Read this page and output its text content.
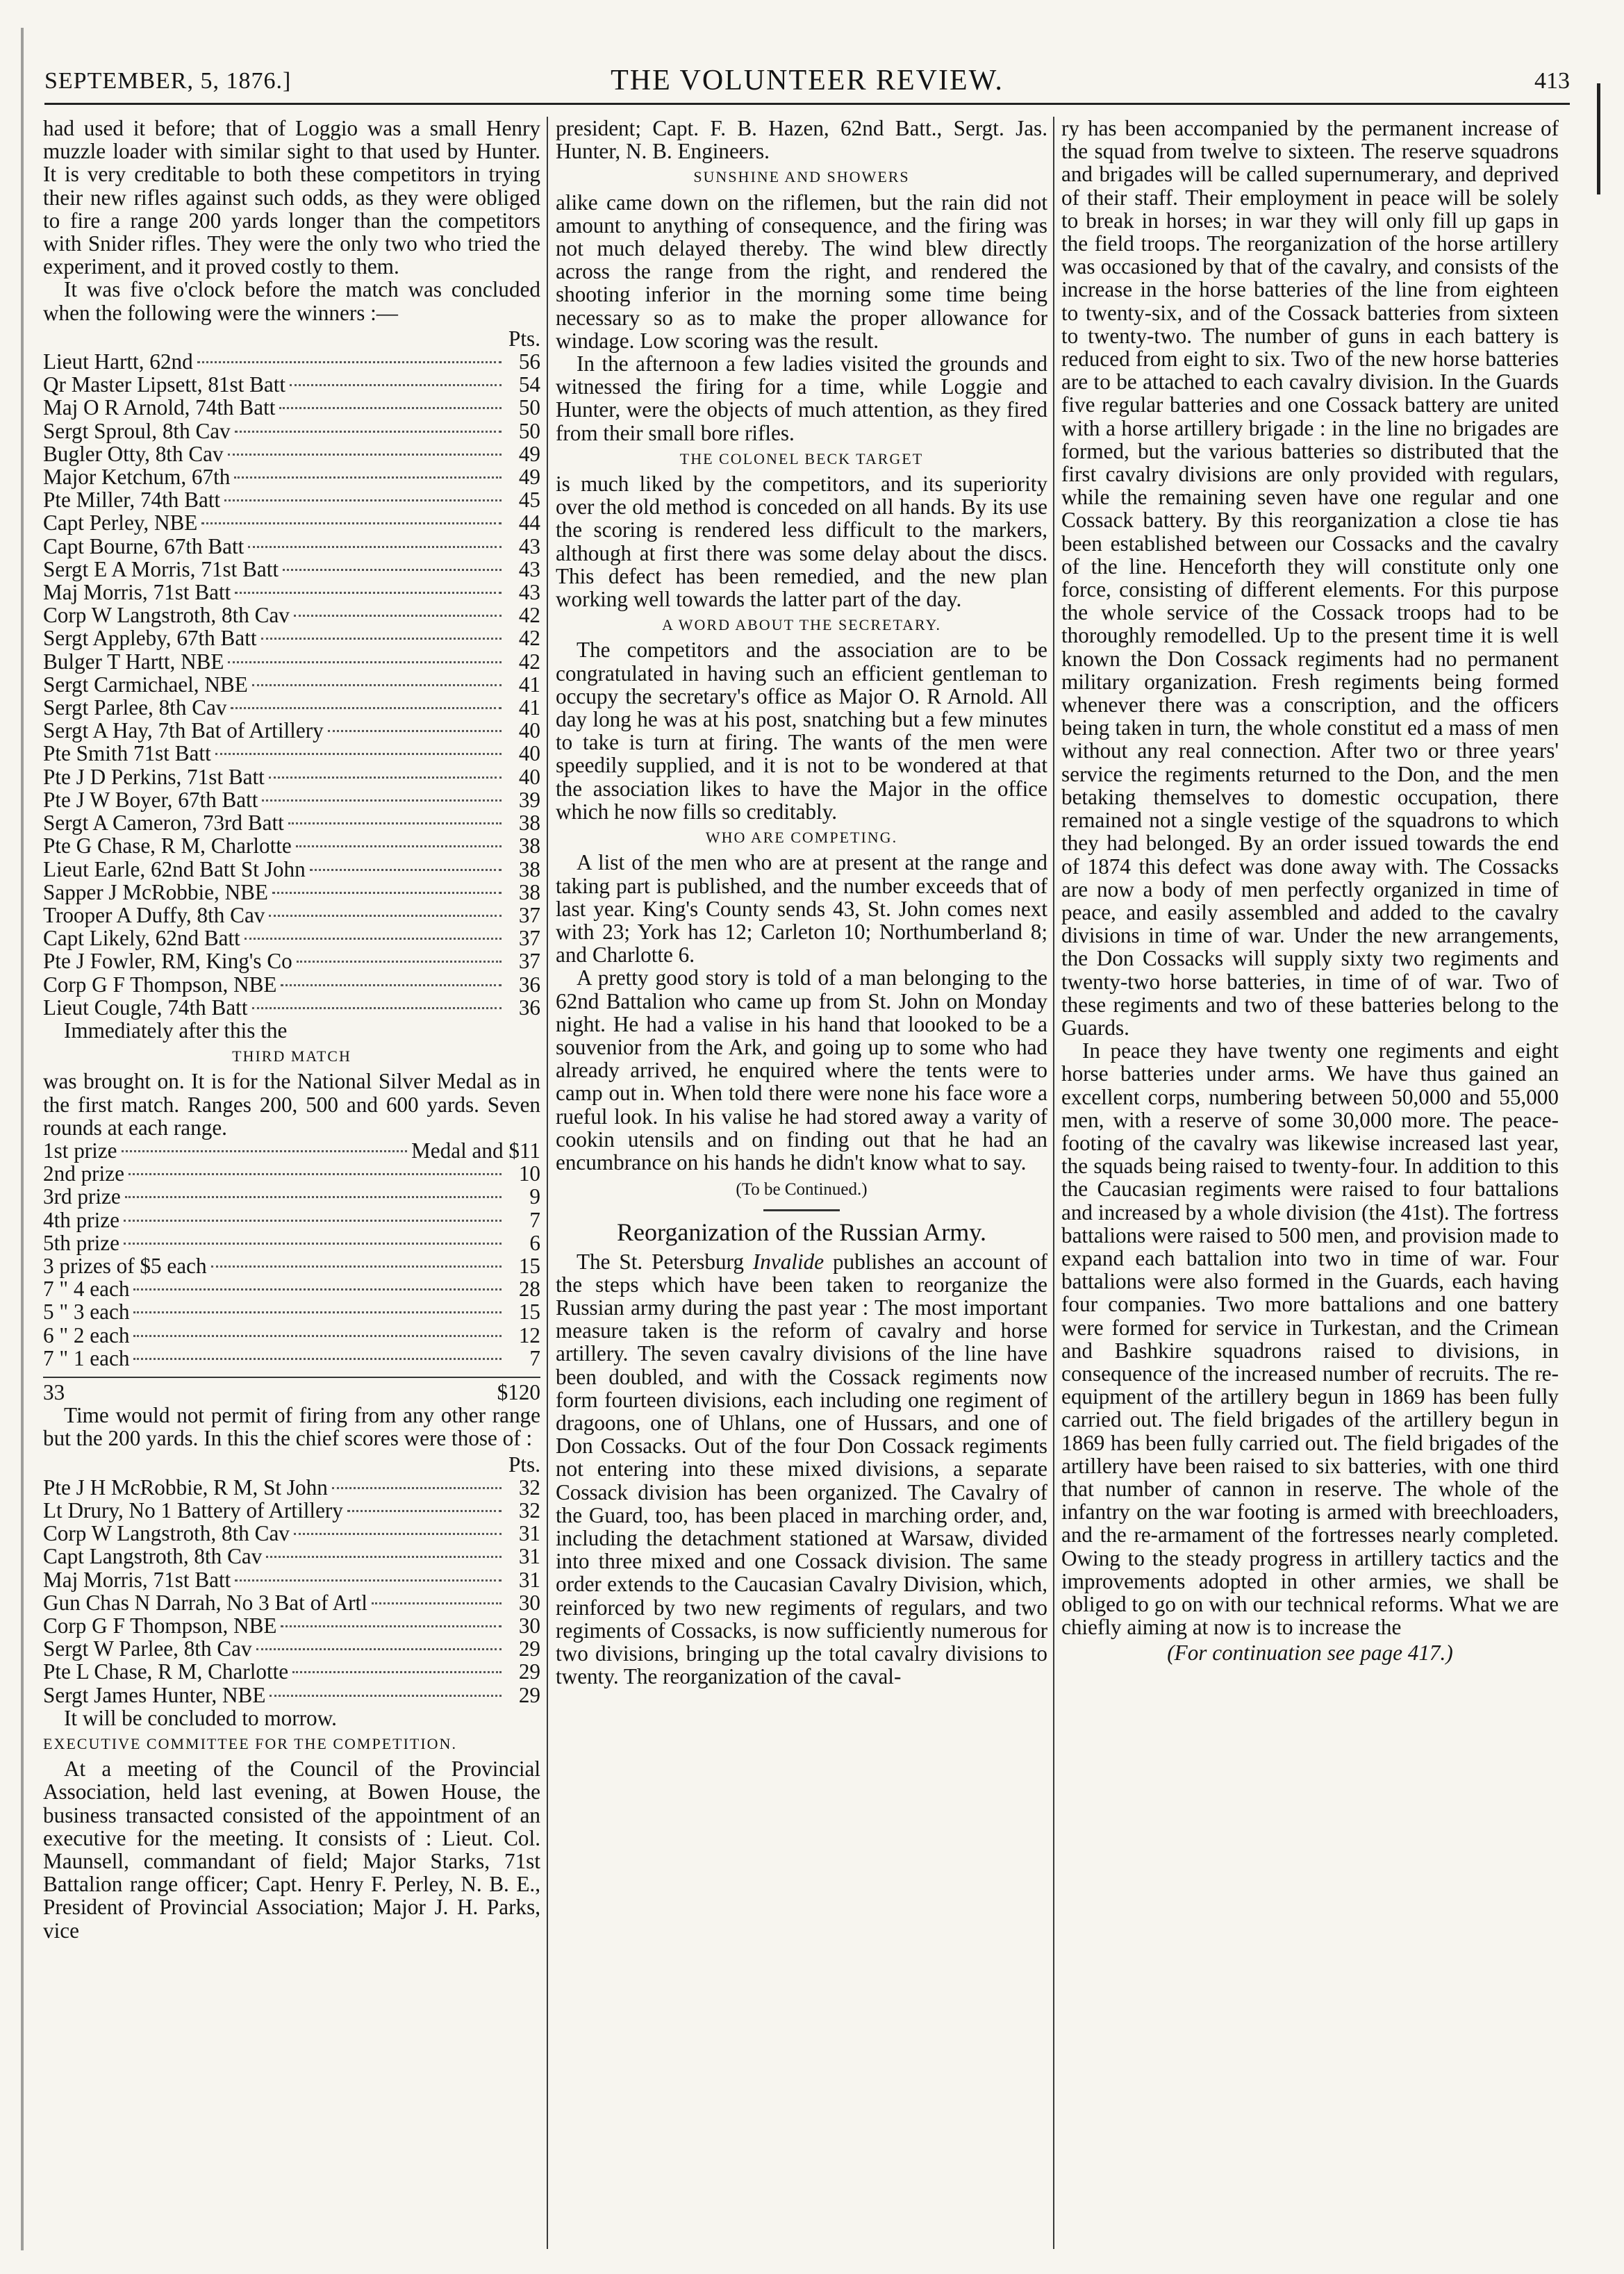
SEPTEMBER, 5, 1876.]	THE VOLUNTEER REVIEW.	413

had used it before; that of Loggio was a small Henry muzzle loader with similar sight to that used by Hunter. It is very creditable to both these competitors in trying their new rifles against such odds, as they were obliged to fire a range 200 yards longer than the competitors with Snider rifles. They were the only two who tried the experiment, and it proved costly to them.

It was five o'clock before the match was concluded when the following were the winners :—

Pts.
Lieut Hartt, 62nd	56
Qr Master Lipsett, 81st Batt	54
Maj O R Arnold, 74th Batt	50
Sergt Sproul, 8th Cav	50
Bugler Otty, 8th Cav	49
Major Ketchum, 67th	49
Pte Miller, 74th Batt	45
Capt Perley, NBE	44
Capt Bourne, 67th Batt	43
Sergt E A Morris, 71st Batt	43
Maj Morris, 71st Batt	43
Corp W Langstroth, 8th Cav	42
Sergt Appleby, 67th Batt	42
Bulger T Hartt, NBE	42
Sergt Carmichael, NBE	41
Sergt Parlee, 8th Cav	41
Sergt A Hay, 7th Bat of Artillery	40
Pte Smith 71st Batt	40
Pte J D Perkins, 71st Batt	40
Pte J W Boyer, 67th Batt	39
Sergt A Cameron, 73rd Batt	38
Pte G Chase, R M, Charlotte	38
Lieut Earle, 62nd Batt St John	38
Sapper J McRobbie, NBE	38
Trooper A Duffy, 8th Cav	37
Capt Likely, 62nd Batt	37
Pte J Fowler, RM, King's Co	37
Corp G F Thompson, NBE	36
Lieut Cougle, 74th Batt	36

Immediately after this the

THIRD MATCH

was brought on. It is for the National Silver Medal as in the first match. Ranges 200, 500 and 600 yards. Seven rounds at each range.

1st prize	Medal and $11
2nd prize	10
3rd prize	9
4th prize	7
5th prize	6
3 prizes of $5 each	15
7 " 4 each	28
5 " 3 each	15
6 " 2 each	12
7 " 1 each	7
33	$120

Time would not permit of firing from any other range but the 200 yards. In this the chief scores were those of :

Pts.
Pte J H McRobbie, R M, St John	32
Lt Drury, No 1 Battery of Artillery	32
Corp W Langstroth, 8th Cav	31
Capt Langstroth, 8th Cav	31
Maj Morris, 71st Batt	31
Gun Chas N Darrah, No 3 Bat of Artl	30
Corp G F Thompson, NBE	30
Sergt W Parlee, 8th Cav	29
Pte L Chase, R M, Charlotte	29
Sergt James Hunter, NBE	29

It will be concluded to morrow.

EXECUTIVE COMMITTEE FOR THE COMPETITION.

At a meeting of the Council of the Provincial Association, held last evening, at Bowen House, the business transacted consisted of the appointment of an executive for the meeting. It consists of : Lieut. Col. Maunsell, commandant of field; Major Starks, 71st Battalion range officer; Capt. Henry F. Perley, N. B. E., President of Provincial Association; Major J. H. Parks, vice

president; Capt. F. B. Hazen, 62nd Batt., Sergt. Jas. Hunter, N. B. Engineers.

SUNSHINE AND SHOWERS

alike came down on the riflemen, but the rain did not amount to anything of consequence, and the firing was not much delayed thereby. The wind blew directly across the range from the right, and rendered the shooting inferior in the morning some time being necessary so as to make the proper allowance for windage. Low scoring was the result.

In the afternoon a few ladies visited the grounds and witnessed the firing for a time, while Loggie and Hunter, were the objects of much attention, as they fired from their small bore rifles.

THE COLONEL BECK TARGET

is much liked by the competitors, and its superiority over the old method is conceded on all hands. By its use the scoring is rendered less difficult to the markers, although at first there was some delay about the discs. This defect has been remedied, and the new plan working well towards the latter part of the day.

A WORD ABOUT THE SECRETARY.

The competitors and the association are to be congratulated in having such an efficient gentleman to occupy the secretary's office as Major O. R Arnold. All day long he was at his post, snatching but a few minutes to take is turn at firing. The wants of the men were speedily supplied, and it is not to be wondered at that the association likes to have the Major in the office which he now fills so creditably.

WHO ARE COMPETING.

A list of the men who are at present at the range and taking part is published, and the number exceeds that of last year. King's County sends 43, St. John comes next with 23; York has 12; Carleton 10; Northumberland 8; and Charlotte 6.

A pretty good story is told of a man belonging to the 62nd Battalion who came up from St. John on Monday night. He had a valise in his hand that loooked to be a souvenior from the Ark, and going up to some who had already arrived, he enquired where the tents were to camp out in. When told there were none his face wore a rueful look. In his valise he had stored away a varity of cookin utensils and on finding out that he had an encumbrance on his hands he didn't know what to say.

(To be Continued.)
Reorganization of the Russian Army.

The St. Petersburg Invalide publishes an account of the steps which have been taken to reorganize the Russian army during the past year : The most important measure taken is the reform of cavalry and horse artillery. The seven cavalry divisions of the line have been doubled, and with the Cossack regiments now form fourteen divisions, each including one regiment of dragoons, one of Uhlans, one of Hussars, and one of Don Cossacks. Out of the four Don Cossack regiments not entering into these mixed divisions, a separate Cossack division has been organized. The Cavalry of the Guard, too, has been placed in marching order, and, including the detachment stationed at Warsaw, divided into three mixed and one Cossack division. The same order extends to the Caucasian Cavalry Division, which, reinforced by two new regiments of regulars, and two regiments of Cossacks, is now sufficiently numerous for two divisions, bringing up the total cavalry divisions to twenty. The reorganization of the caval-

ry has been accompanied by the permanent increase of the squad from twelve to sixteen. The reserve squadrons and brigades will be called supernumerary, and deprived of their staff. Their employment in peace will be solely to break in horses; in war they will only fill up gaps in the field troops. The reorganization of the horse artillery was occasioned by that of the cavalry, and consists of the increase in the horse batteries of the line from eighteen to twenty-six, and of the Cossack batteries from sixteen to twenty-two. The number of guns in each battery is reduced from eight to six. Two of the new horse batteries are to be attached to each cavalry division. In the Guards five regular batteries and one Cossack battery are united with a horse artillery brigade : in the line no brigades are formed, but the various batteries so distributed that the first cavalry divisions are only provided with regulars, while the remaining seven have one regular and one Cossack battery. By this reorganization a close tie has been established between our Cossacks and the cavalry of the line. Henceforth they will constitute only one force, consisting of different elements. For this purpose the whole service of the Cossack troops had to be thoroughly remodelled. Up to the present time it is well known the Don Cossack regiments had no permanent military organization. Fresh regiments being formed whenever there was a conscription, and the officers being taken in turn, the whole constitut ed a mass of men without any real connection. After two or three years' service the regiments returned to the Don, and the men betaking themselves to domestic occupation, there remained not a single vestige of the squadrons to which they had belonged. By an order issued towards the end of 1874 this defect was done away with. The Cossacks are now a body of men perfectly organized in time of peace, and easily assembled and added to the cavalry divisions in time of war. Under the new arrangements, the Don Cossacks will supply sixty two regiments and twenty-two horse batteries, in time of of war. Two of these regiments and two of these batteries belong to the Guards.

In peace they have twenty one regiments and eight horse batteries under arms. We have thus gained an excellent corps, numbering between 50,000 and 55,000 men, with a reserve of some 30,000 more. The peace-footing of the cavalry was likewise increased last year, the squads being raised to twenty-four. In addition to this the Caucasian regiments were raised to four battalions and increased by a whole division (the 41st). The fortress battalions were raised to 500 men, and provision made to expand each battalion into two in time of war. Four battalions were also formed in the Guards, each having four companies. Two more battalions and one battery were formed for service in Turkestan, and the Crimean and Bashkire squadrons raised to divisions, in consequence of the increased number of recruits. The re-equipment of the artillery begun in 1869 has been fully carried out. The field brigades of the artillery begun in 1869 has been fully carried out. The field brigades of the artillery have been raised to six batteries, with one third that number of cannon in reserve. The whole of the infantry on the war footing is armed with breechloaders, and the re-armament of the fortresses nearly completed. Owing to the steady progress in artillery tactics and the improvements adopted in other armies, we shall be obliged to go on with our technical reforms. What we are chiefly aiming at now is to increase the

(For continuation see page 417.)
